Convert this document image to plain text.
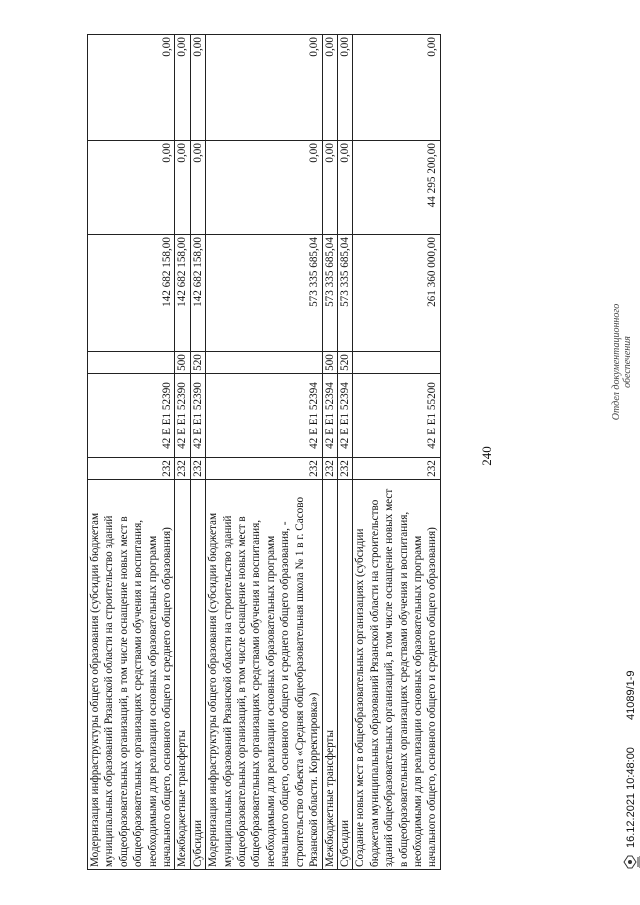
240
Модернизация инфраструктуры общего образования (субсидии бюджетам муниципальных образований Рязанской области на строительство зданий общеобразовательных организаций, в том числе оснащение новых мест в общеобразовательных организациях средствами обучения и воспитания, необходимыми для реализации основных образовательных программ начального общего, основного общего и среднего общего образования)	232	42 Е Е1 52390		142 682 158,00	0,00	0,00
Межбюджетные трансферты	232	42 Е Е1 52390	500	142 682 158,00	0,00	0,00
Субсидии	232	42 Е Е1 52390	520	142 682 158,00	0,00	0,00
Модернизация инфраструктуры общего образования (субсидии бюджетам муниципальных образований Рязанской области на строительство зданий общеобразовательных организаций, в том числе оснащение новых мест в общеобразовательных организациях средствами обучения и воспитания, необходимыми для реализации основных образовательных программ начального общего, основного общего и среднего общего образования, - строительство объекта «Средняя общеобразовательная школа № 1 в г. Сасово Рязанской области. Корректировка»)	232	42 Е Е1 52394		573 335 685,04	0,00	0,00
Межбюджетные трансферты	232	42 Е Е1 52394	500	573 335 685,04	0,00	0,00
Субсидии	232	42 Е Е1 52394	520	573 335 685,04	0,00	0,00
Создание новых мест в общеобразовательных организациях (субсидии бюджетам муниципальных образований Рязанской области на строительство зданий общеобразовательных организаций, в том числе оснащение новых мест в общеобразовательных организациях средствами обучения и воспитания, необходимыми для реализации основных образовательных программ начального общего, основного общего и среднего общего образования)	232	42 Е Е1 55200		261 360 000,00	44 295 200,00	0,00
16.12.2021 10:48:00
41089/1-9
Отдел документационного обеспечения
